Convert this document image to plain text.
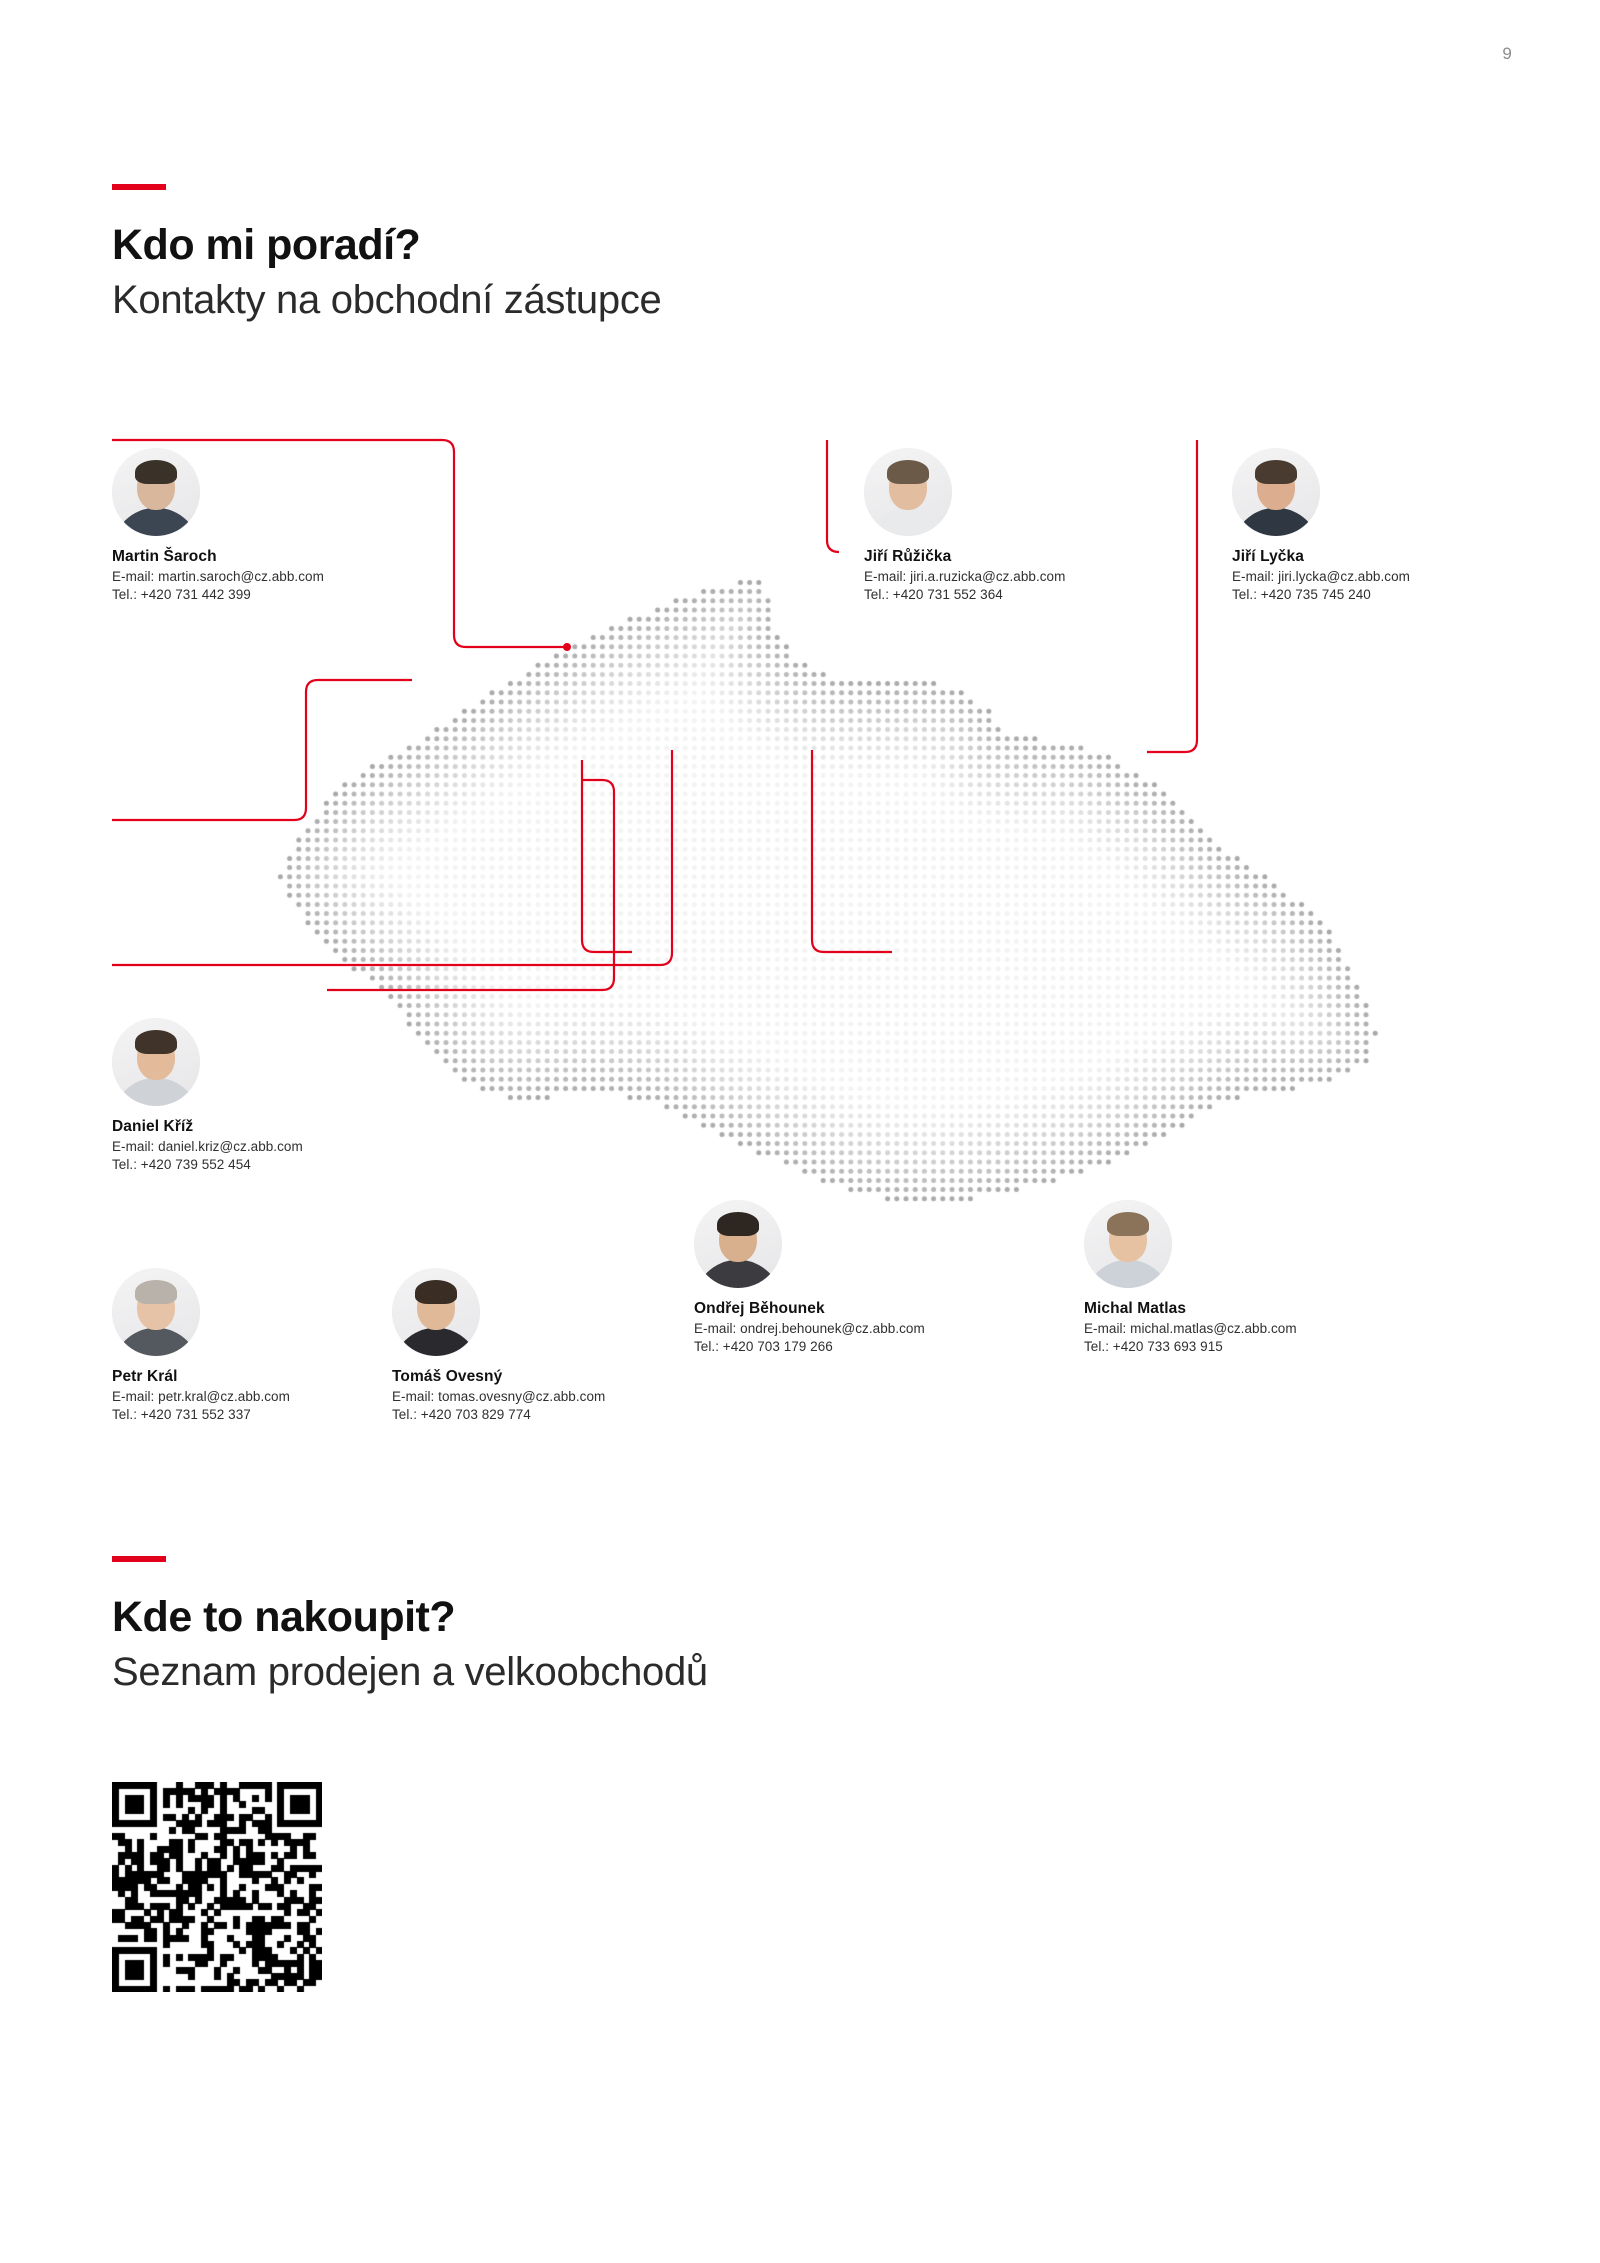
9
Kdo mi poradí?
Kontakty na obchodní zástupce
Martin Šaroch
E-mail: martin.saroch@cz.abb.com
Tel.: +420 731 442 399
Jiří Růžička
E-mail: jiri.a.ruzicka@cz.abb.com
Tel.: +420 731 552 364
Jiří Lyčka
E-mail: jiri.lycka@cz.abb.com
Tel.: +420 735 745 240
Daniel Kříž
E-mail: daniel.kriz@cz.abb.com
Tel.: +420 739 552 454
Petr Král
E-mail: petr.kral@cz.abb.com
Tel.: +420 731 552 337
Tomáš Ovesný
E-mail: tomas.ovesny@cz.abb.com
Tel.: +420 703 829 774
Ondřej Běhounek
E-mail: ondrej.behounek@cz.abb.com
Tel.: +420 703 179 266
Michal Matlas
E-mail: michal.matlas@cz.abb.com
Tel.: +420 733 693 915
Kde to nakoupit?
Seznam prodejen a velkoobchodů
